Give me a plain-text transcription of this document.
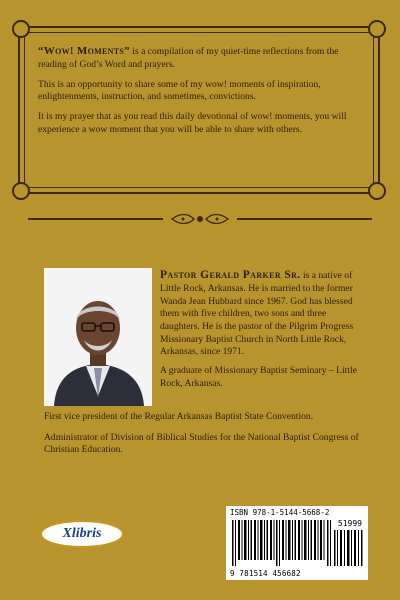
“Wow! Moments” is a compilation of my quiet-time reflections from the reading of God’s Word and prayers.

This is an opportunity to share some of my wow! moments of inspiration, enlightenments, instruction, and sometimes, convictions.

It is my prayer that as you read this daily devotional of wow! moments, you will experience a wow moment that you will be able to share with others.

Pastor Gerald Parker Sr. is a native of Little Rock, Arkansas. He is married to the former Wanda Jean Hubbard since 1967. God has blessed them with five children, two sons and three daughters. He is the pastor of the Pilgrim Progress Missionary Baptist Church in North Little Rock, Arkansas, since 1971.

A graduate of Missionary Baptist Seminary – Little Rock, Arkansas.

First vice president of the Regular Arkansas Baptist State Convention.

Administrator of Division of Biblical Studies for the National Baptist Congress of Christian Education.

Xlibris
ISBN 978-1-5144-5668-2
51999
9 781514 456682
